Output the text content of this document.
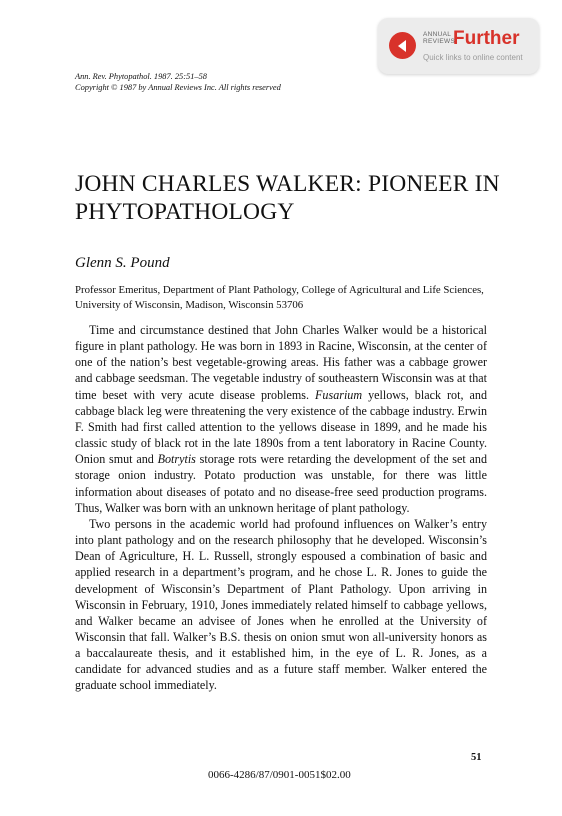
ANNUAL
REVIEWS
Further
Quick links to online content
Ann. Rev. Phytopathol. 1987. 25:51–58
Copyright © 1987 by Annual Reviews Inc. All rights reserved
JOHN CHARLES WALKER: PIONEER IN PHYTOPATHOLOGY
Glenn S. Pound
Professor Emeritus, Department of Plant Pathology, College of Agricultural and Life Sciences, University of Wisconsin, Madison, Wisconsin 53706

Time and circumstance destined that John Charles Walker would be a historical figure in plant pathology. He was born in 1893 in Racine, Wisconsin, at the center of one of the nation’s best vegetable-growing areas. His father was a cabbage grower and cabbage seedsman. The vegetable industry of southeastern Wisconsin was at that time beset with very acute disease problems. Fusarium yellows, black rot, and cabbage black leg were threatening the very existence of the cabbage industry. Erwin F. Smith had first called attention to the yellows disease in 1899, and he made his classic study of black rot in the late 1890s from a tent laboratory in Racine County. Onion smut and Botrytis storage rots were retarding the development of the set and storage onion industry. Potato production was unstable, for there was little information about diseases of potato and no disease-free seed production programs. Thus, Walker was born with an unknown heritage of plant pathology.

Two persons in the academic world had profound influences on Walker’s entry into plant pathology and on the research philosophy that he developed. Wisconsin’s Dean of Agriculture, H. L. Russell, strongly espoused a combination of basic and applied research in a department’s program, and he chose L. R. Jones to guide the development of Wisconsin’s Department of Plant Pathology. Upon arriving in Wisconsin in February, 1910, Jones immediately related himself to cabbage yellows, and Walker became an advisee of Jones when he enrolled at the University of Wisconsin that fall. Walker’s B.S. thesis on onion smut won all-university honors as a baccalaureate thesis, and it established him, in the eye of L. R. Jones, as a candidate for advanced studies and as a future staff member. Walker entered the graduate school immediately.

51
0066-4286/87/0901-0051$02.00
